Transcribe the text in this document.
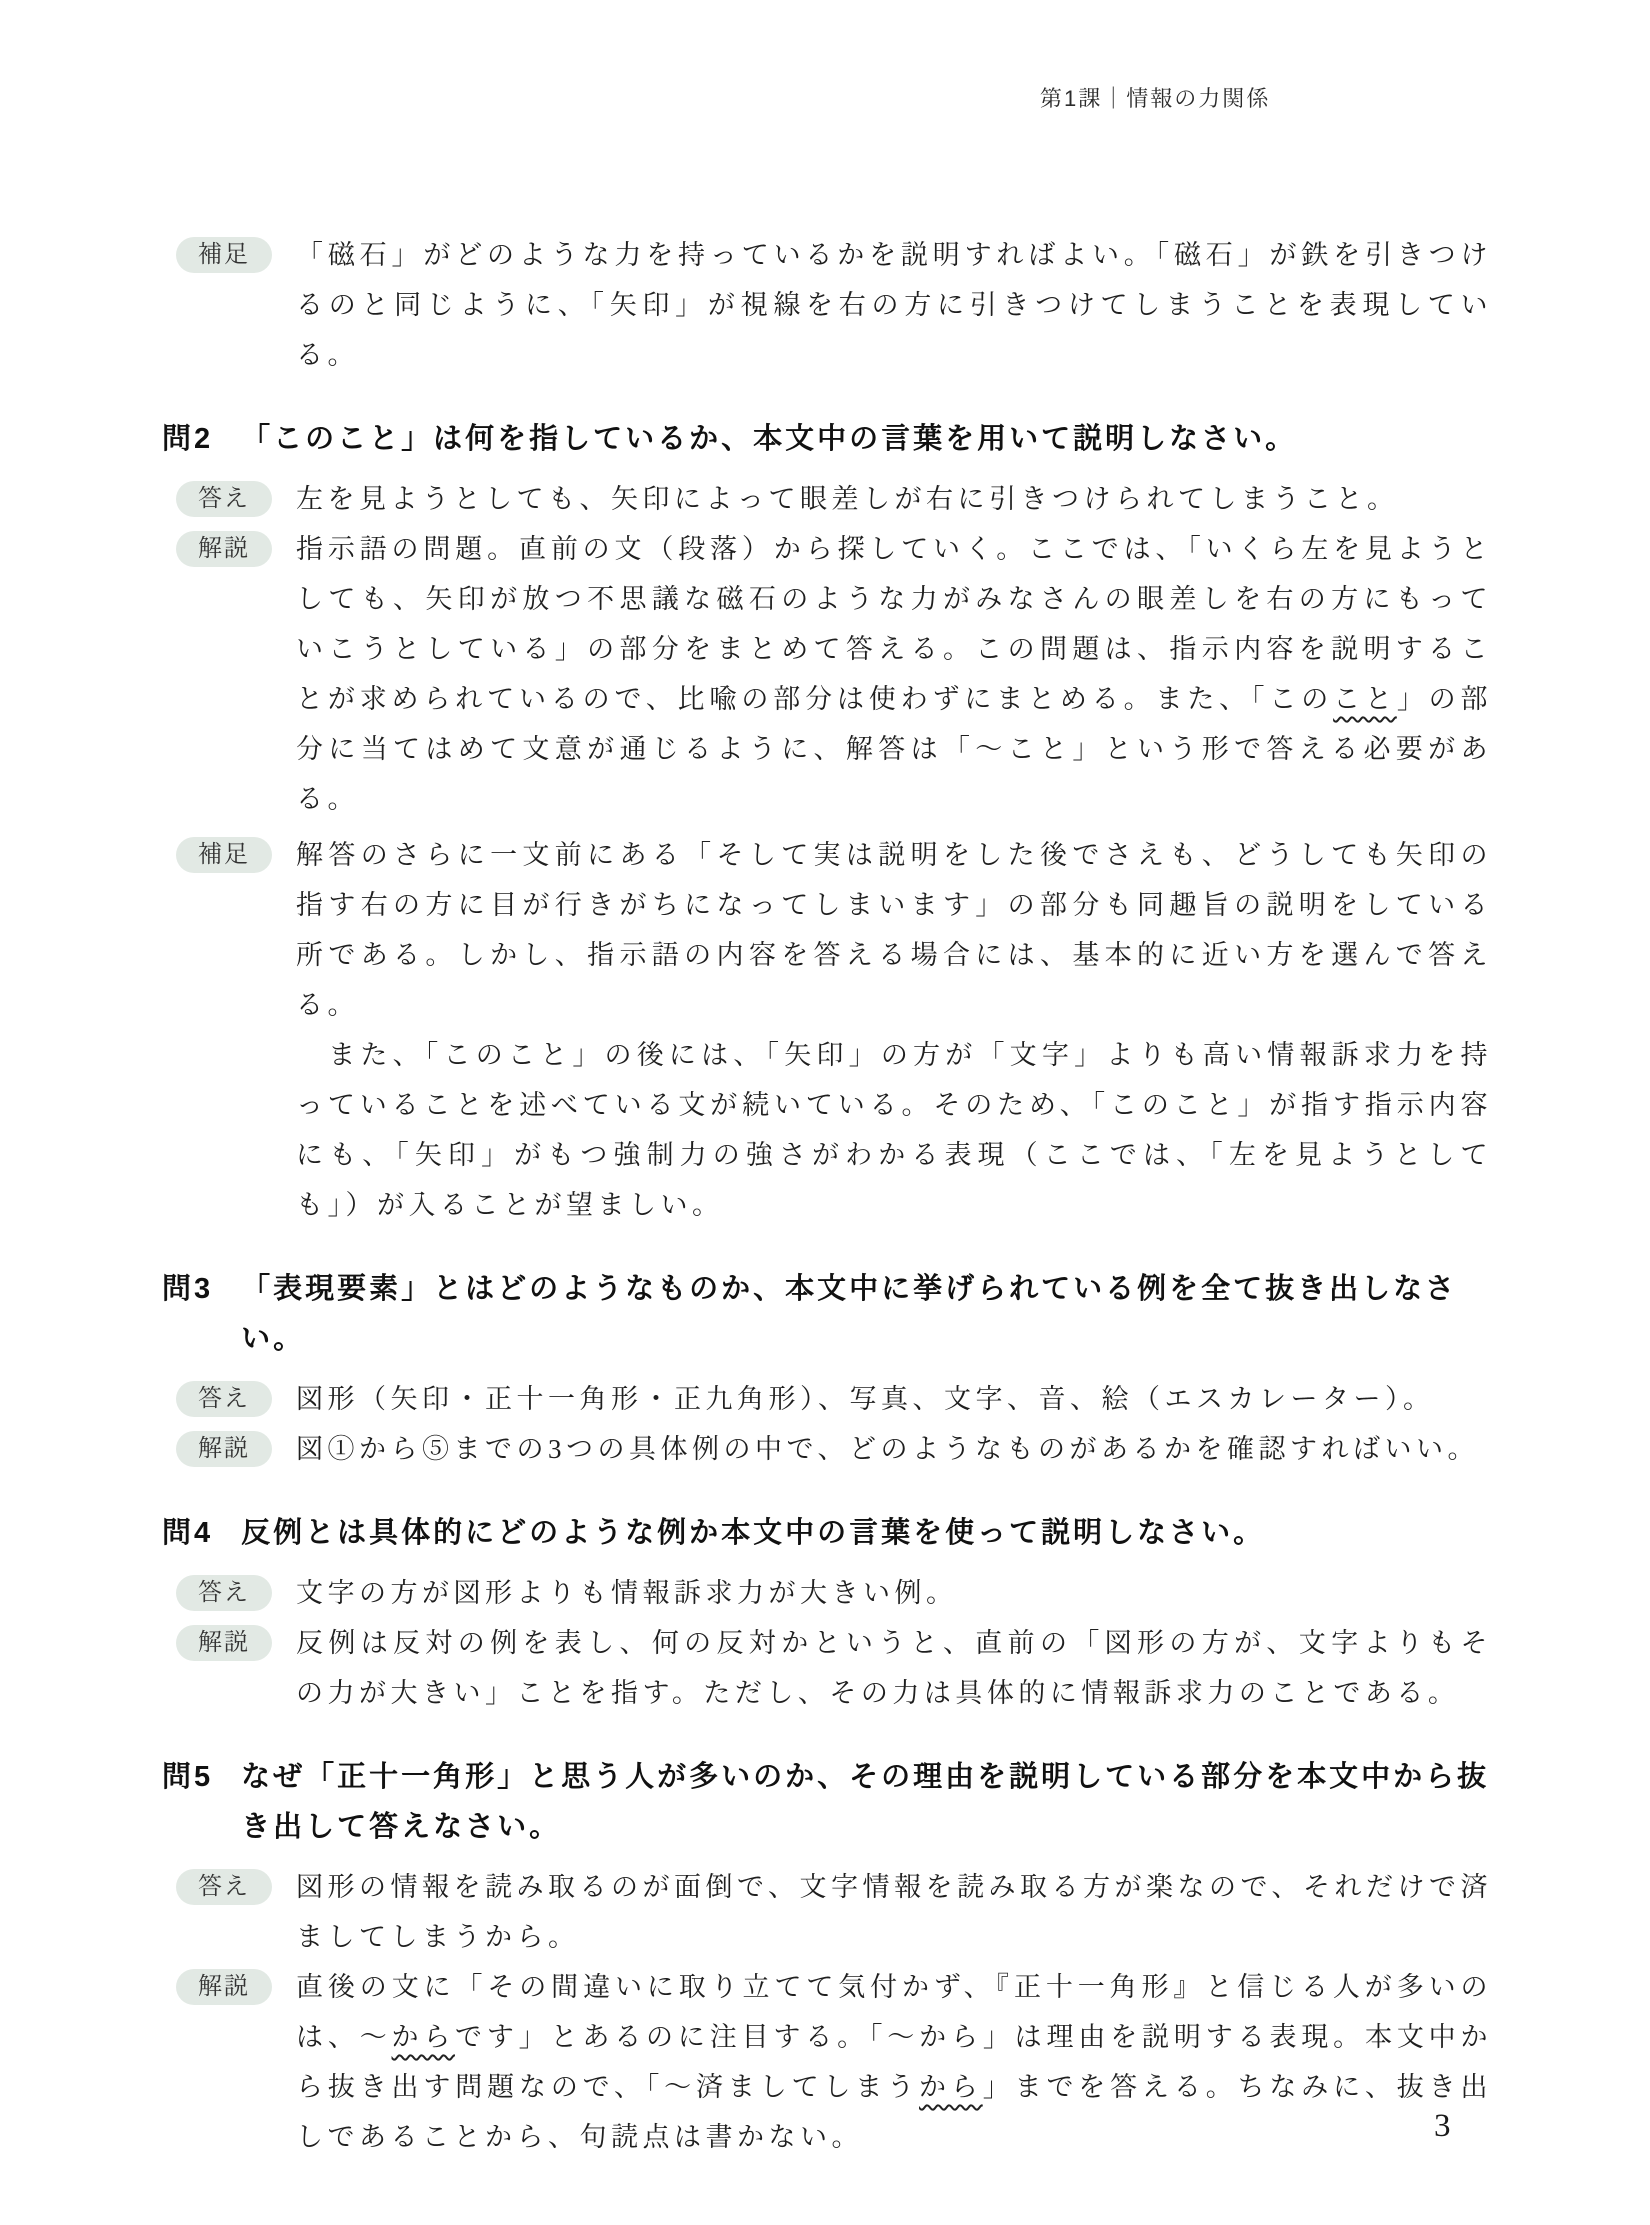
第1課｜情報の力関係
補足	「磁石」がどのような力を持っているかを説明すればよい。「磁石」が鉄を引きつけるのと同じように、「矢印」が視線を右の方に引きつけてしまうことを表現している。

問2 「このこと」は何を指しているか、本文中の言葉を用いて説明しなさい。
答え	左を見ようとしても、矢印によって眼差しが右に引きつけられてしまうこと。

解説	指示語の問題。直前の文（段落）から探していく。ここでは、「いくら左を見ようとしても、矢印が放つ不思議な磁石のような力がみなさんの眼差しを右の方にもっていこうとしている」の部分をまとめて答える。この問題は、指示内容を説明することが求められているので、比喩の部分は使わずにまとめる。また、「このこと」の部分に当てはめて文意が通じるように、解答は「〜こと」という形で答える必要がある。

補足	解答のさらに一文前にある「そして実は説明をした後でさえも、どうしても矢印の指す右の方に目が行きがちになってしまいます」の部分も同趣旨の説明をしている所である。しかし、指示語の内容を答える場合には、基本的に近い方を選んで答える。

　また、「このこと」の後には、「矢印」の方が「文字」よりも高い情報訴求力を持っていることを述べている文が続いている。そのため、「このこと」が指す指示内容にも、「矢印」がもつ強制力の強さがわかる表現（ここでは、「左を見ようとしても」）が入ることが望ましい。

問3 「表現要素」とはどのようなものか、本文中に挙げられている例を全て抜き出しなさい。
答え	図形（矢印・正十一角形・正九角形）、写真、文字、音、絵（エスカレーター）。

解説	図①から⑤までの3つの具体例の中で、どのようなものがあるかを確認すればいい。

問4 反例とは具体的にどのような例か本文中の言葉を使って説明しなさい。
答え	文字の方が図形よりも情報訴求力が大きい例。

解説	反例は反対の例を表し、何の反対かというと、直前の「図形の方が、文字よりもその力が大きい」ことを指す。ただし、その力は具体的に情報訴求力のことである。

問5 なぜ「正十一角形」と思う人が多いのか、その理由を説明している部分を本文中から抜き出して答えなさい。
答え	図形の情報を読み取るのが面倒で、文字情報を読み取る方が楽なので、それだけで済ましてしまうから。

解説	直後の文に「その間違いに取り立てて気付かず、『正十一角形』と信じる人が多いのは、〜からです」とあるのに注目する。「〜から」は理由を説明する表現。本文中から抜き出す問題なので、「〜済ましてしまうから」までを答える。ちなみに、抜き出しであることから、句読点は書かない。	3
